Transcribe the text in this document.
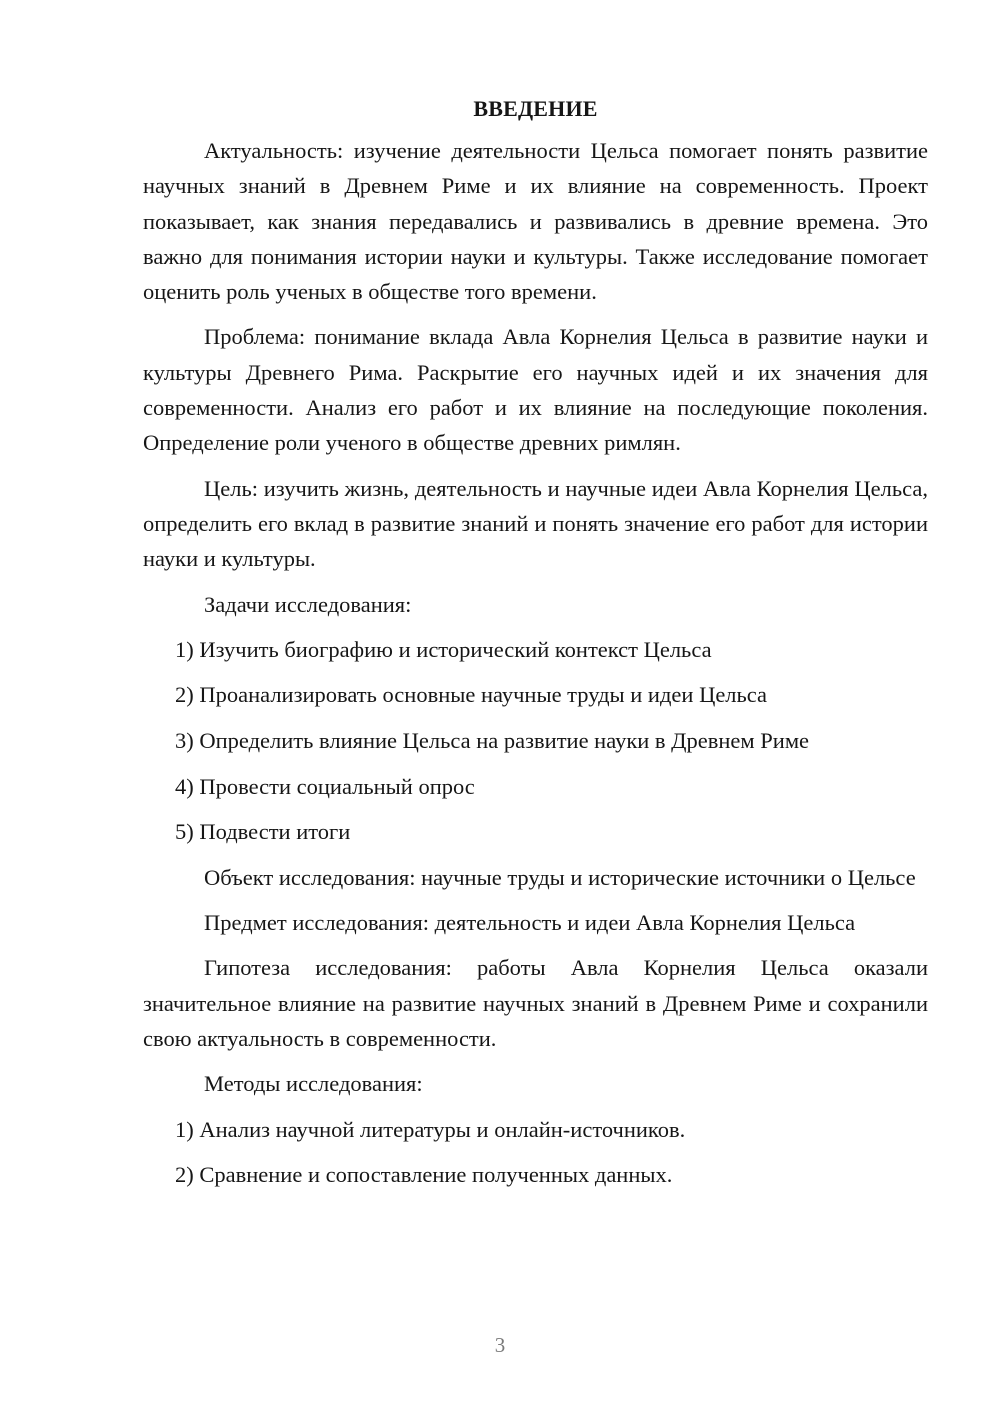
ВВЕДЕНИЕ

Актуальность: изучение деятельности Цельса помогает понять развитие научных знаний в Древнем Риме и их влияние на современность. Проект показывает, как знания передавались и развивались в древние времена. Это важно для понимания истории науки и культуры. Также исследование помогает оценить роль ученых в обществе того времени.

Проблема: понимание вклада Авла Корнелия Цельса в развитие науки и культуры Древнего Рима. Раскрытие его научных идей и их значения для современности. Анализ его работ и их влияние на последующие поколения. Определение роли ученого в обществе древних римлян.

Цель: изучить жизнь, деятельность и научные идеи Авла Корнелия Цельса, определить его вклад в развитие знаний и понять значение его работ для истории науки и культуры.

Задачи исследования:

1) Изучить биографию и исторический контекст Цельса

2) Проанализировать основные научные труды и идеи Цельса

3) Определить влияние Цельса на развитие науки в Древнем Риме

4) Провести социальный опрос

5) Подвести итоги

Объект исследования: научные труды и исторические источники о Цельсе

Предмет исследования: деятельность и идеи Авла Корнелия Цельса

Гипотеза исследования: работы Авла Корнелия Цельса оказали значительное влияние на развитие научных знаний в Древнем Риме и сохранили свою актуальность в современности.

Методы исследования:

1) Анализ научной литературы и онлайн-источников.

2) Сравнение и сопоставление полученных данных.

3
